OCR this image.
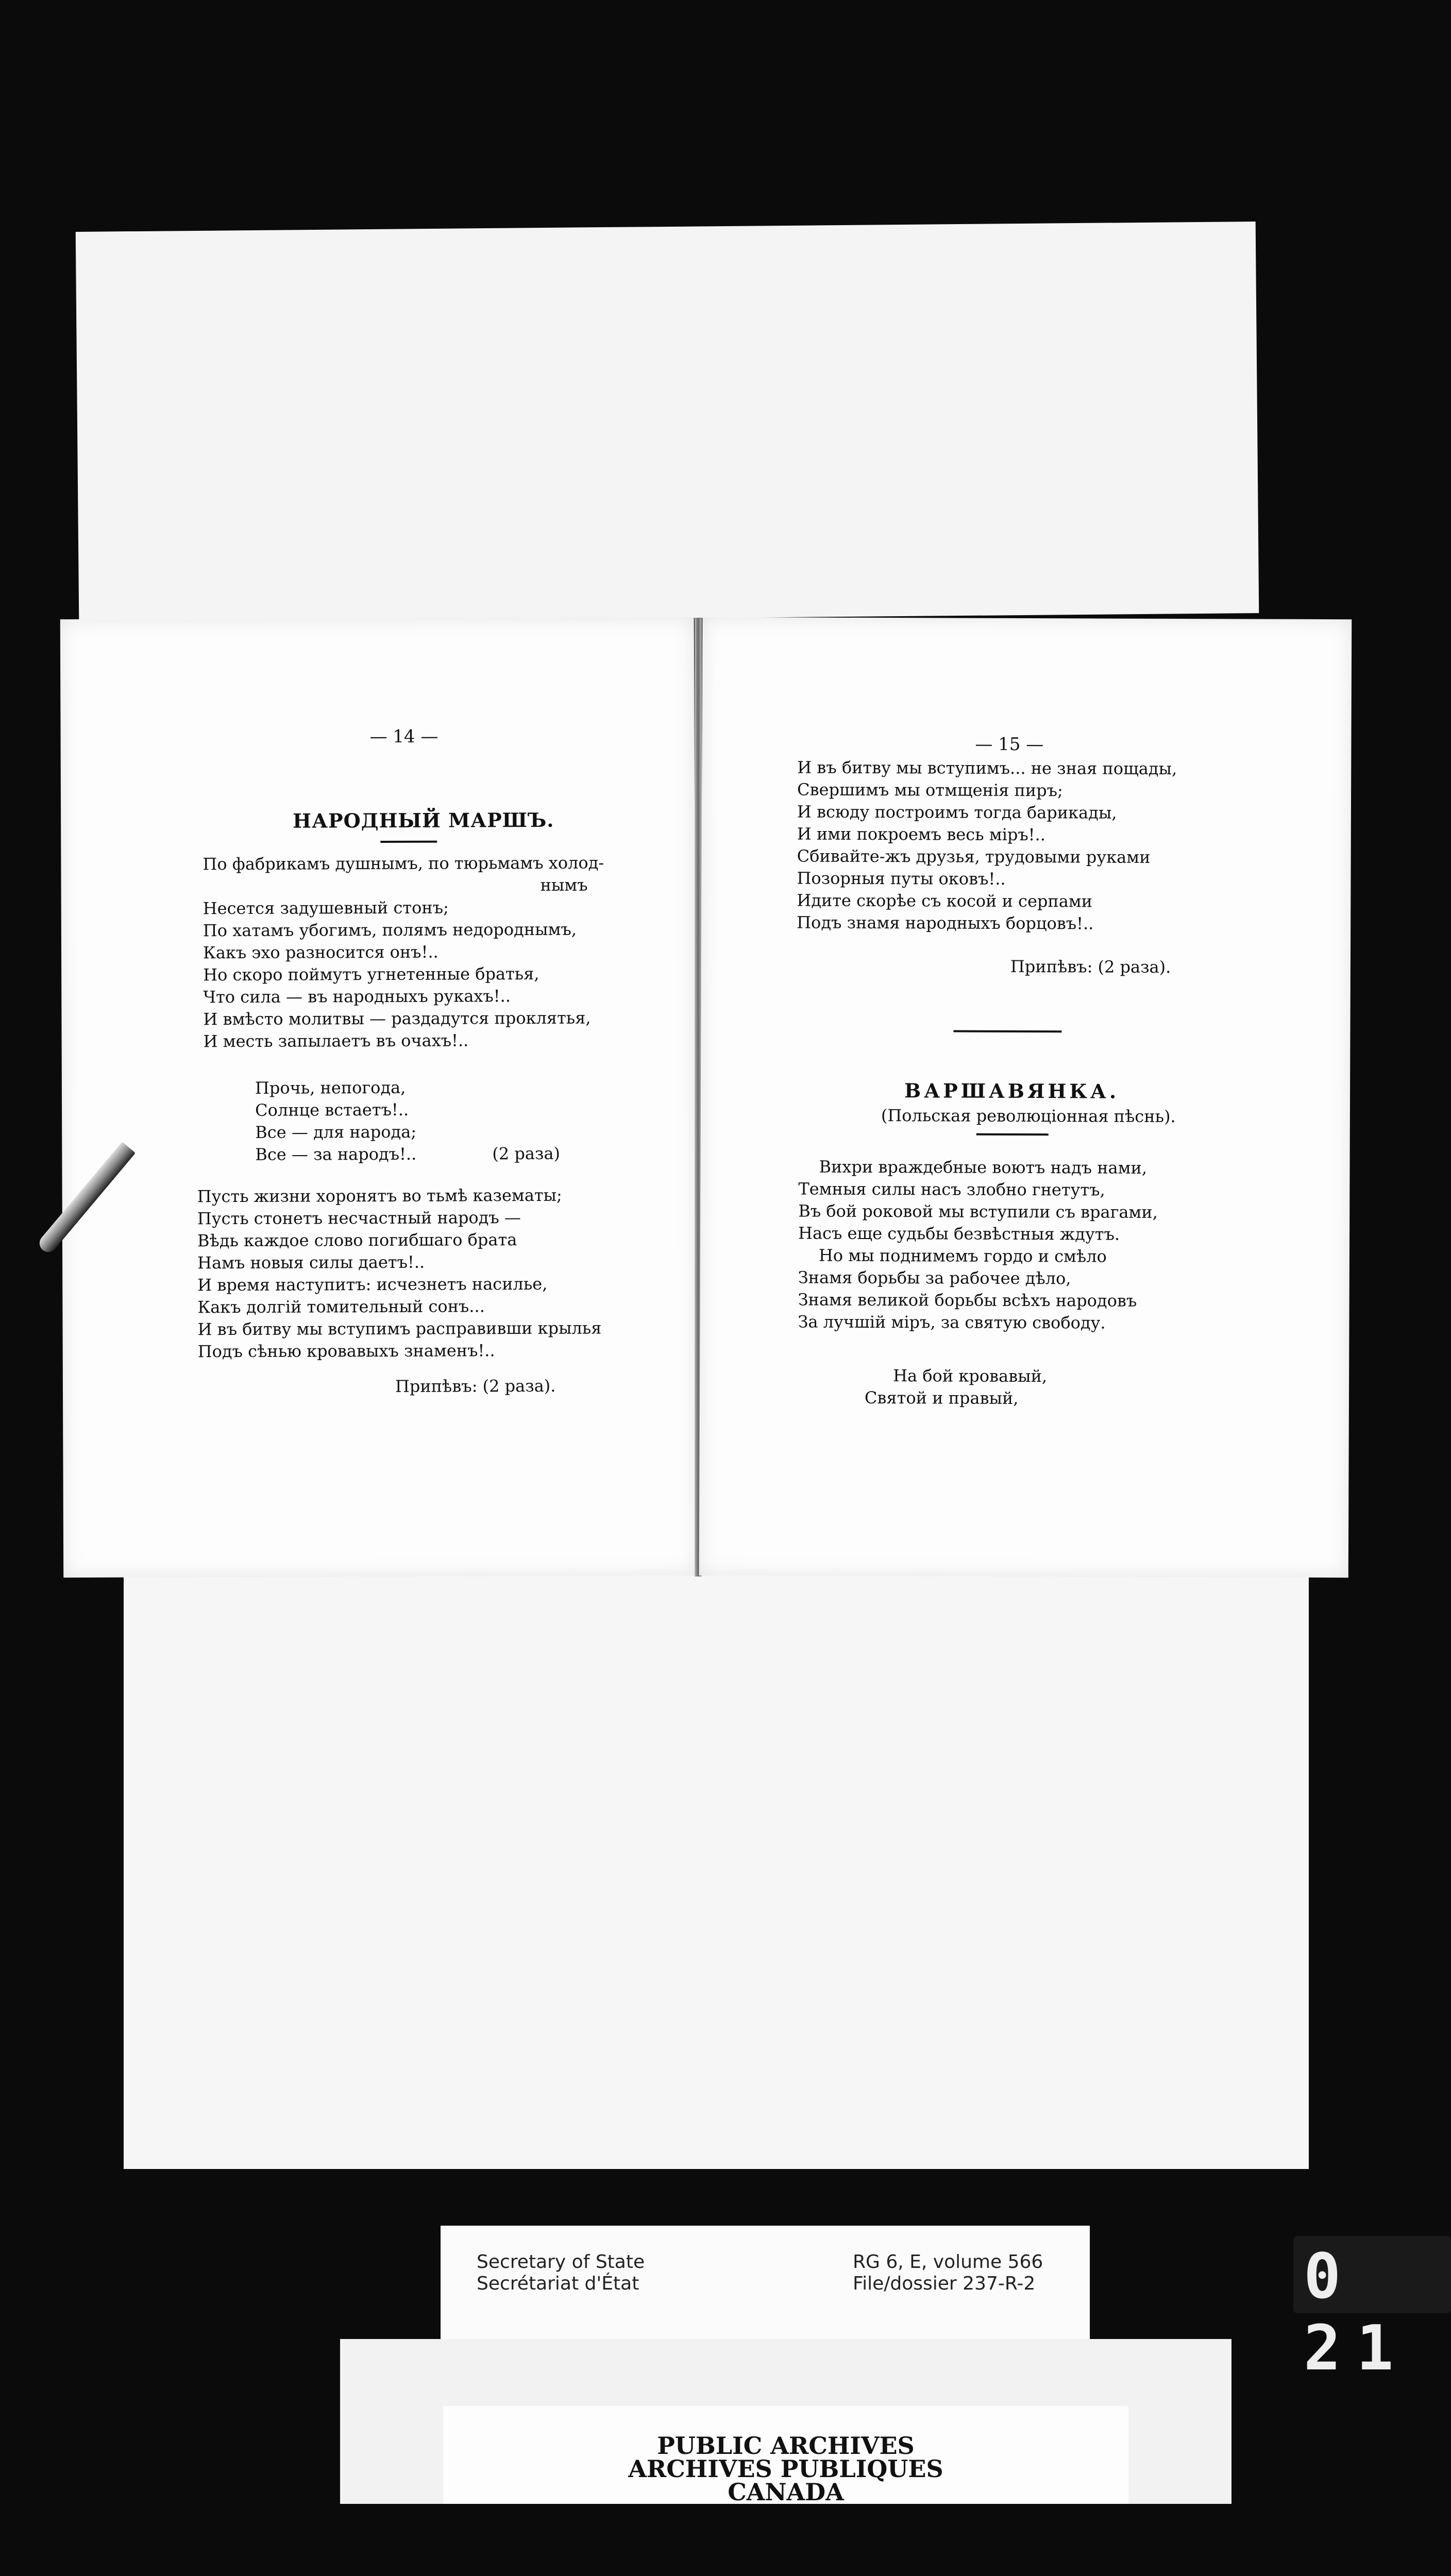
— 14 —
НАРОДНЫЙ МАРШЪ.
По фабрикамъ душнымъ, по тюрьмамъ холод-
нымъ
Несется задушевный стонъ;
По хатамъ убогимъ, полямъ недороднымъ,
Какъ эхо разносится онъ!..
Но скоро поймутъ угнетенные братья,
Что сила — въ народныхъ рукахъ!..
И вмѣсто молитвы — раздадутся проклятья,
И месть запылаетъ въ очахъ!..
Прочь, непогода,
Солнце встаетъ!..
Все — для народа;
Все — за народъ!..	(2 раза)
Пусть жизни хоронятъ во тьмѣ казематы;
Пусть стонетъ несчастный народъ —
Вѣдь каждое слово погибшаго брата
Намъ новыя силы даетъ!..
И время наступитъ: исчезнетъ насилье,
Какъ долгій томительный сонъ...
И въ битву мы вступимъ расправивши крылья
Подъ сѣнью кровавыхъ знаменъ!..
Припѣвъ: (2 раза).
— 15 —
И въ битву мы вступимъ... не зная пощады,
Свершимъ мы отмщенія пиръ;
И всюду построимъ тогда барикады,
И ими покроемъ весь міръ!..
Сбивайте-жъ друзья, трудовыми руками
Позорныя путы оковъ!..
Идите скорѣе съ косой и серпами
Подъ знамя народныхъ борцовъ!..
Припѣвъ: (2 раза).
ВАРШАВЯНКА.
(Польская революціонная пѣснь).
Вихри враждебные воютъ надъ нами,
Темныя силы насъ злобно гнетутъ,
Въ бой роковой мы вступили съ врагами,
Насъ еще судьбы безвѣстныя ждутъ.
Но мы поднимемъ гордо и смѣло
Знамя борьбы за рабочее дѣло,
Знамя великой борьбы всѣхъ народовъ
За лучшій міръ, за святую свободу.
На бой кровавый,
Святой и правый,
Secretary of State
Secrétariat d'État
RG 6, E, volume 566
File/dossier 237-R-2
PUBLIC ARCHIVES
ARCHIVES PUBLIQUES
CANADA
0 21
